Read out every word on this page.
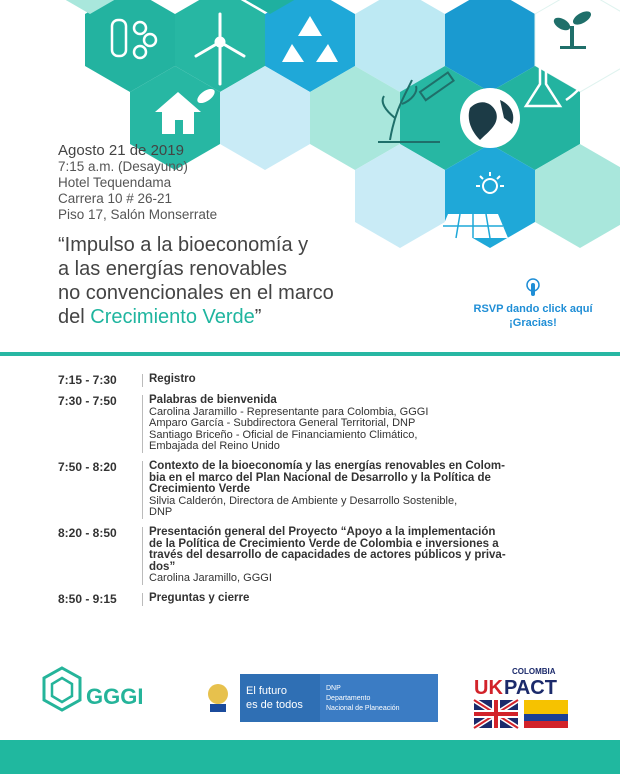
Agosto 21 de 2019
7:15 a.m. (Desayuno)
Hotel Tequendama
Carrera 10 # 26-21
Piso 17, Salón Monserrate
“Impulso a la bioeconomía y
a las energías renovables
no convencionales en el marco
del Crecimiento Verde”	RSVP dando click aquí
¡Gracias!
7:15 - 7:30	Registro
7:30 - 7:50	Palabras de bienvenida
Carolina Jaramillo - Representante para Colombia, GGGI
Amparo García - Subdirectora General Territorial, DNP
Santiago Briceño - Oficial de Financiamiento Climático,
Embajada del Reino Unido
7:50 - 8:20	Contexto de la bioeconomía y las energías renovables en Colom-
bia en el marco del Plan Nacional de Desarrollo y la Política de
Crecimiento Verde
Silvia Calderón, Directora de Ambiente y Desarrollo Sostenible,
DNP
8:20 - 8:50	Presentación general del Proyecto “Apoyo a la implementación
de la Política de Crecimiento Verde de Colombia e inversiones a
través del desarrollo de capacidades de actores públicos y priva-
dos”
Carolina Jaramillo, GGGI
8:50 - 9:15	Preguntas y cierre
GGGI	El futuro
es de todos
DNP
Departamento
Nacional de Planeación
COLOMBIA
UK PACT
